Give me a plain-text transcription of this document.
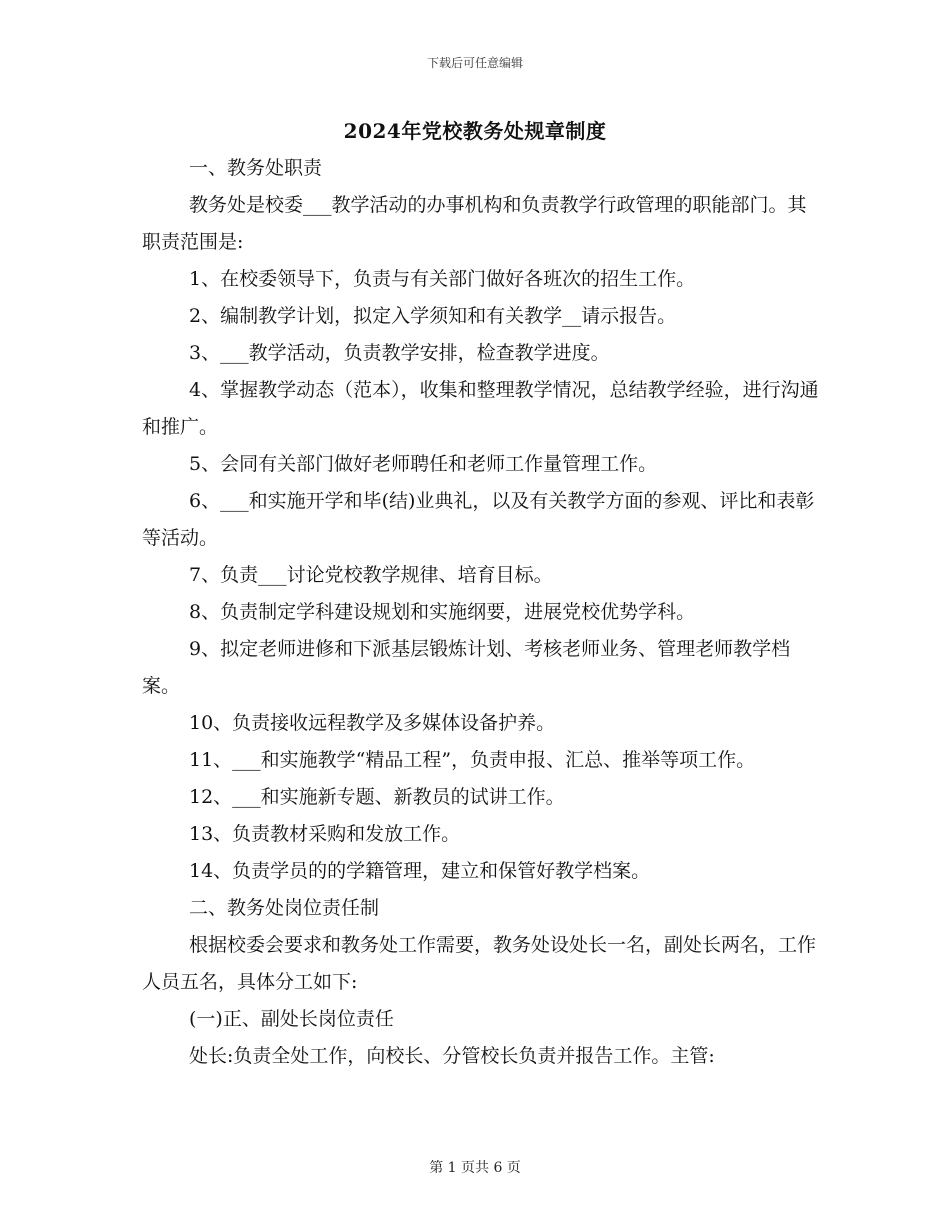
下载后可任意编辑
2024年党校教务处规章制度

一、教务处职责

教务处是校委___教学活动的办事机构和负责教学行政管理的职能部门。其职责范围是:

1、在校委领导下，负责与有关部门做好各班次的招生工作。

2、编制教学计划，拟定入学须知和有关教学__请示报告。

3、___教学活动，负责教学安排，检查教学进度。

4、掌握教学动态（范本），收集和整理教学情况，总结教学经验，进行沟通和推广。

5、会同有关部门做好老师聘任和老师工作量管理工作。

6、___和实施开学和毕(结)业典礼，以及有关教学方面的参观、评比和表彰等活动。

7、负责___讨论党校教学规律、培育目标。

8、负责制定学科建设规划和实施纲要，进展党校优势学科。

9、拟定老师进修和下派基层锻炼计划、考核老师业务、管理老师教学档案。

10、负责接收远程教学及多媒体设备护养。

11、___和实施教学“精品工程”，负责申报、汇总、推举等项工作。

12、___和实施新专题、新教员的试讲工作。

13、负责教材采购和发放工作。

14、负责学员的的学籍管理，建立和保管好教学档案。

二、教务处岗位责任制

根据校委会要求和教务处工作需要，教务处设处长一名，副处长两名，工作人员五名，具体分工如下:

(一)正、副处长岗位责任

处长:负责全处工作，向校长、分管校长负责并报告工作。主管:

第 1 页共 6 页
